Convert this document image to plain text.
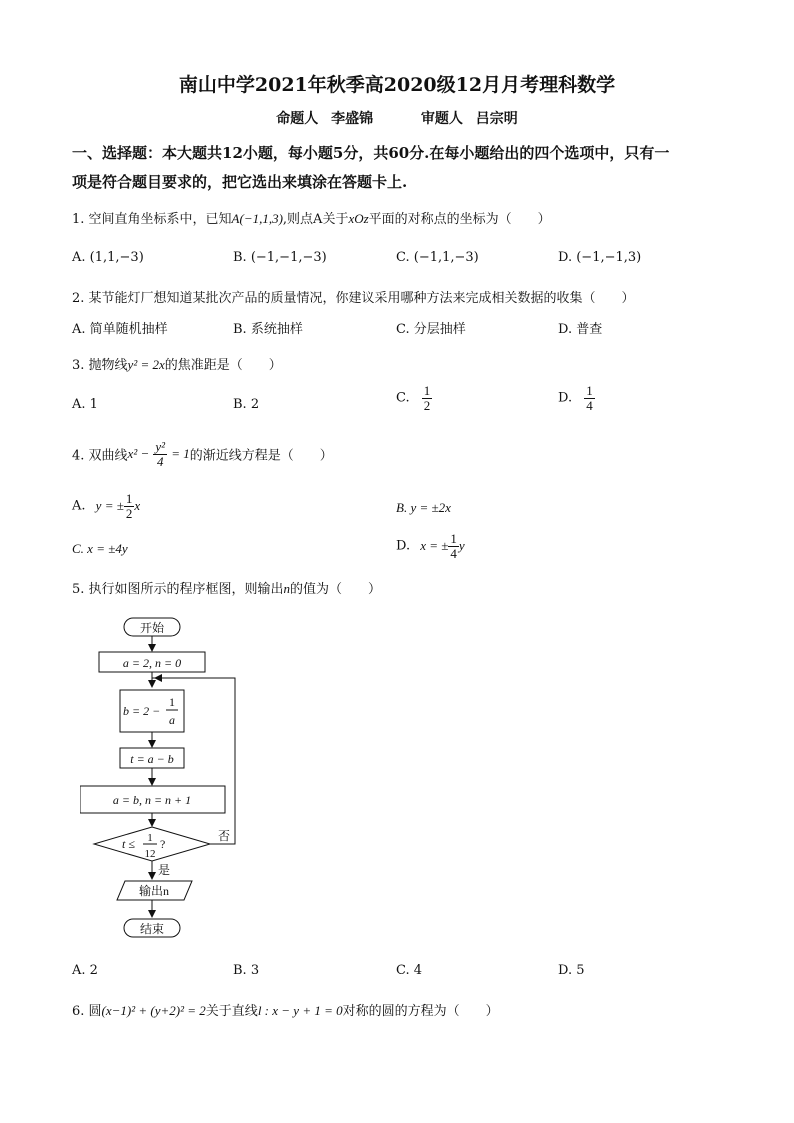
南山中学2021年秋季高2020级12月月考理科数学
命题人 李盛锦	审题人 吕宗明
一、选择题：本大题共12小题，每小题5分，共60分.在每小题给出的四个选项中，只有一
项是符合题目要求的，把它选出来填涂在答题卡上.
1. 空间直角坐标系中，已知A(−1,1,3),则点A关于xOz平面的对称点的坐标为（　　）
A. (1,1,−3)	B. (−1,−1,−3)	C. (−1,1,−3)	D. (−1,−1,3)
2. 某节能灯厂想知道某批次产品的质量情况，你建议采用哪种方法来完成相关数据的收集（　　）
A. 简单随机抽样	B. 系统抽样	C. 分层抽样	D. 普查
3. 抛物线y² = 2x的焦准距是（　　）
A. 1	B. 2	C. $\frac{1}{2}$	D. $\frac{1}{4}$
4. 双曲线$x^2 - \frac{\text{y²}}{4} = 1$的渐近线方程是（　　）
A. y = ± $\frac{1}{2}$ x	B. y = ±2x
C. x = ±4y	D. x = ± $\frac{1}{4}$ y
5. 执行如图所示的程序框图，则输出n的值为（　　）
开始
a = 2, n = 0
b = 2 −
1
a
t = a − b
a = b, n = n + 1
t ≤ 1
12
?
否
是
输出n
结束
A. 2	B. 3	C. 4	D. 5
6. 圆(x−1)² + (y+2)² = 2关于直线l : x − y + 1 = 0对称的圆的方程为（　　）
